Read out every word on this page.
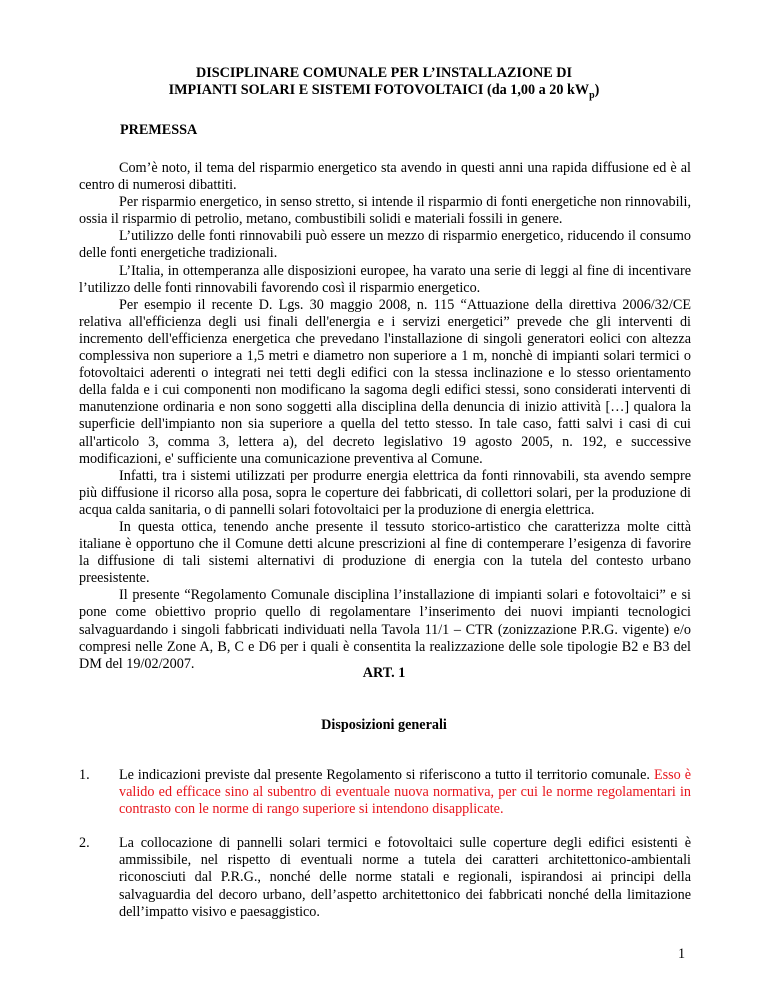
DISCIPLINARE COMUNALE PER L’INSTALLAZIONE DI
IMPIANTI SOLARI E SISTEMI FOTOVOLTAICI (da 1,00 a 20 $kW_p$)
PREMESSA

Com’è noto, il tema del risparmio energetico sta avendo in questi anni una rapida diffusione ed è al centro di numerosi dibattiti.

Per risparmio energetico, in senso stretto, si intende il risparmio di fonti energetiche non rinnovabili, ossia il risparmio di petrolio, metano, combustibili solidi e materiali fossili in genere.

L’utilizzo delle fonti rinnovabili può essere un mezzo di risparmio energetico, riducendo il consumo delle fonti energetiche tradizionali.

L’Italia, in ottemperanza alle disposizioni europee, ha varato una serie di leggi al fine di incentivare l’utilizzo delle fonti rinnovabili favorendo così il risparmio energetico.

Per esempio il recente D. Lgs. 30 maggio 2008, n. 115 “Attuazione della direttiva 2006/32/CE relativa all'efficienza degli usi finali dell'energia e i servizi energetici” prevede che gli interventi di incremento dell'efficienza energetica che prevedano l'installazione di singoli generatori eolici con altezza complessiva non superiore a 1,5 metri e diametro non superiore a 1 m, nonchè di impianti solari termici o fotovoltaici aderenti o integrati nei tetti degli edifici con la stessa inclinazione e lo stesso orientamento della falda e i cui componenti non modificano la sagoma degli edifici stessi, sono considerati interventi di manutenzione ordinaria e non sono soggetti alla disciplina della denuncia di inizio attività […] qualora la superficie dell'impianto non sia superiore a quella del tetto stesso. In tale caso, fatti salvi i casi di cui all'articolo 3, comma 3, lettera a), del decreto legislativo 19 agosto 2005, n. 192, e successive modificazioni, e' sufficiente una comunicazione preventiva al Comune.

Infatti, tra i sistemi utilizzati per produrre energia elettrica da fonti rinnovabili, sta avendo sempre più diffusione il ricorso alla posa, sopra le coperture dei fabbricati, di collettori solari, per la produzione di acqua calda sanitaria, o di pannelli solari fotovoltaici per la produzione di energia elettrica.

In questa ottica, tenendo anche presente il tessuto storico-artistico che caratterizza molte città italiane è opportuno che il Comune detti alcune prescrizioni al fine di contemperare l’esigenza di favorire la diffusione di tali sistemi alternativi di produzione di energia con la tutela del contesto urbano preesistente.

Il presente “Regolamento Comunale disciplina l’installazione di impianti solari e fotovoltaici” e si pone come obiettivo proprio quello di regolamentare l’inserimento dei nuovi impianti tecnologici salvaguardando i singoli fabbricati individuati nella Tavola 11/1 – CTR (zonizzazione P.R.G. vigente) e/o compresi nelle Zone A, B, C e D6 per i quali è consentita la realizzazione delle sole tipologie B2 e B3 del DM del 19/02/2007.

ART. 1
Disposizioni generali
1. Le indicazioni previste dal presente Regolamento si riferiscono a tutto il territorio comunale. Esso è valido ed efficace sino al subentro di eventuale nuova normativa, per cui le norme regolamentari in contrasto con le norme di rango superiore si intendono disapplicate.
2. La collocazione di pannelli solari termici e fotovoltaici sulle coperture degli edifici esistenti è ammissibile, nel rispetto di eventuali norme a tutela dei caratteri architettonico-ambientali riconosciuti dal P.R.G., nonché delle norme statali e regionali, ispirandosi ai principi della salvaguardia del decoro urbano, dell’aspetto architettonico dei fabbricati nonché della limitazione dell’impatto visivo e paesaggistico.
1
